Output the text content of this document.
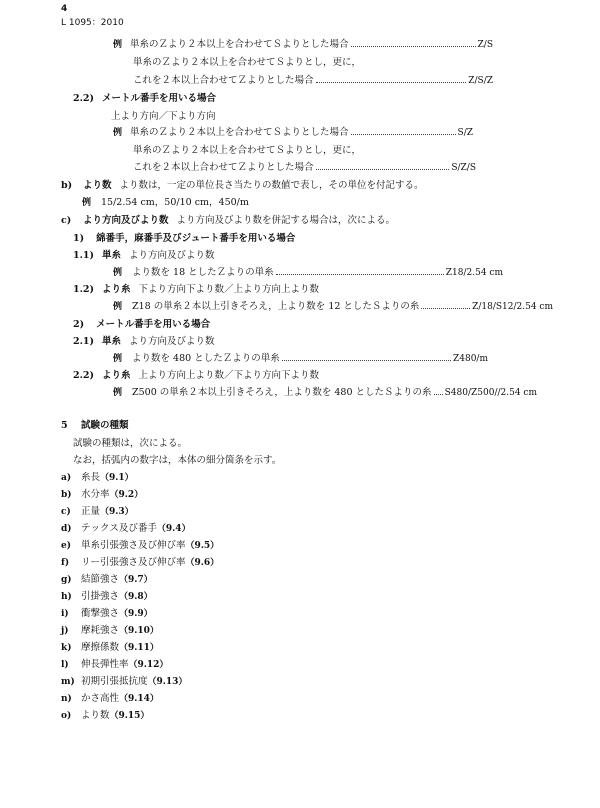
4
L 1095：2010
例 単糸のＺより２本以上を合わせてＳよりとした場合	Z/S
単糸のＺより２本以上を合わせてＳよりとし，更に，
これを２本以上合わせてＺよりとした場合	Z/S/Z
2.2) メートル番手を用いる場合
上より方向／下より方向
例 単糸のＺより２本以上を合わせてＳよりとした場合	S/Z
単糸のＺより２本以上を合わせてＳよりとし，更に，
これを２本以上合わせてＺよりとした場合	S/Z/S
b) より数 より数は，一定の単位長さ当たりの数値で表し，その単位を付記する。
例 15/2.54 cm，50/10 cm，450/m
c) より方向及びより数 より方向及びより数を併記する場合は，次による。
1) 綿番手，麻番手及びジュート番手を用いる場合
1.1) 単糸 より方向及びより数
例 より数を 18 としたＺよりの単糸	Z18/2.54 cm
1.2) より糸 下より方向下より数／上より方向上より数
例 Z18 の単糸２本以上引きそろえ，上より数を 12 としたＳよりの糸	Z/18/S12/2.54 cm
2) メートル番手を用いる場合
2.1) 単糸 より方向及びより数
例 より数を 480 としたＺよりの単糸	Z480/m
2.2) より糸 上より方向上より数／下より方向下より数
例 Z500 の単糸２本以上引きそろえ，上より数を 480 としたＳよりの糸 S480/Z500//2.54 cm
5 試験の種類
試験の種類は，次による。
なお，括弧内の数字は，本体の細分箇条を示す。
a) 糸長（9.1）
b) 水分率（9.2）
c) 正量（9.3）
d) テックス及び番手（9.4）
e) 単糸引張強さ及び伸び率（9.5）
f) リー引張強さ及び伸び率（9.6）
g) 結節強さ（9.7）
h) 引掛強さ（9.8）
i) 衝撃強さ（9.9）
j) 摩耗強さ（9.10）
k) 摩擦係数（9.11）
l) 伸長弾性率（9.12）
m) 初期引張抵抗度（9.13）
n) かさ高性（9.14）
o) より数（9.15）
